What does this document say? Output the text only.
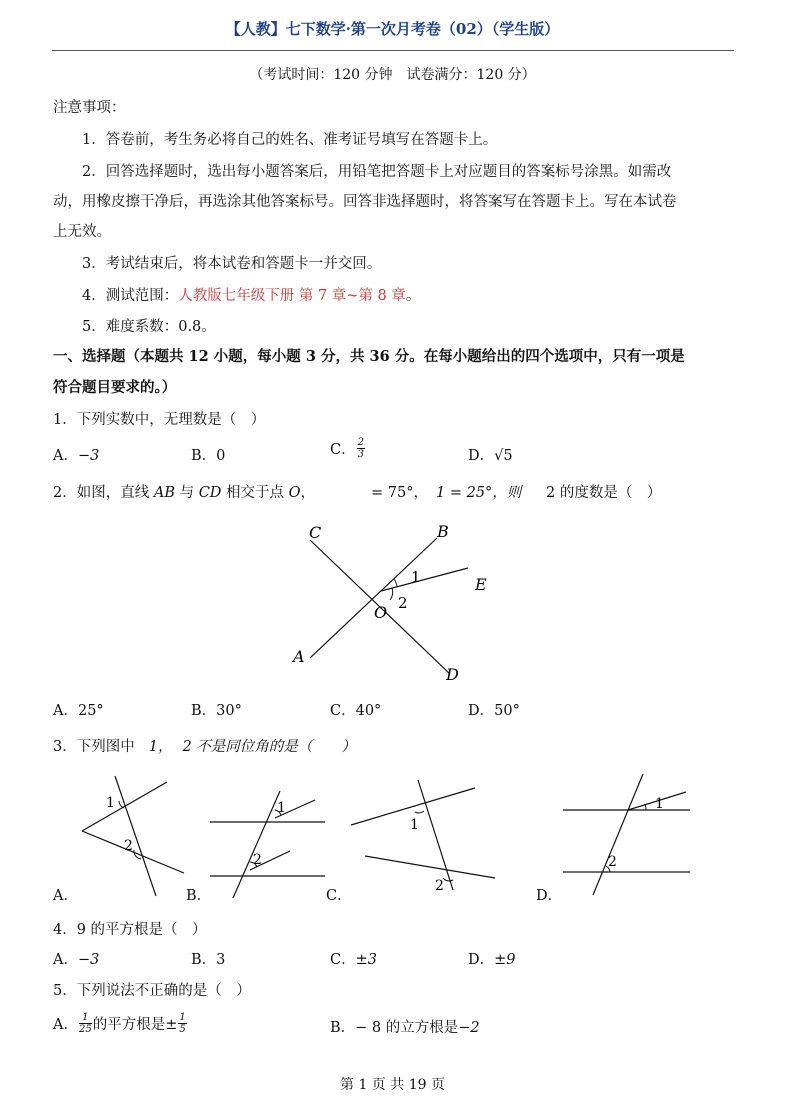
【人教】七下数学·第一次月考卷（02）（学生版）
（考试时间：120 分钟　试卷满分：120 分）
注意事项：
1．答卷前，考生务必将自己的姓名、准考证号填写在答题卡上。
2．回答选择题时，选出每小题答案后，用铅笔把答题卡上对应题目的答案标号涂黑。如需改
动，用橡皮擦干净后，再选涂其他答案标号。回答非选择题时，将答案写在答题卡上。写在本试卷
上无效。
3．考试结束后，将本试卷和答题卡一并交回。
4．测试范围：人教版七年级下册 第 7 章~第 8 章。
5．难度系数：0.8。
一、选择题（本题共 12 小题，每小题 3 分，共 36 分。在每小题给出的四个选项中，只有一项是
符合题目要求的。）
1．下列实数中，无理数是（　）
A．−3	B．0	C． $\frac{2}{3}$	D．√5
2．如图，直线 AB 与 CD 相交于点 O，	= 75°， 1 = 25°，则 2 的度数是（　）
C	B
E
O
A
D
1
2
A．25°	B．30°	C．40°	D．50°
3．下列图中 1， 2 不是同位角的是（　　）
1
2
1
2
1
2
1
2
A．	B．	C．	D．
4．9 的平方根是（　）
A．−3	B．3	C．±3	D．±9
5．下列说法不正确的是（　）
A． $\frac{1}{25}$ 的平方根是± $\frac{1}{5}$	B．− 8 的立方根是−2
第 1 页 共 19 页
